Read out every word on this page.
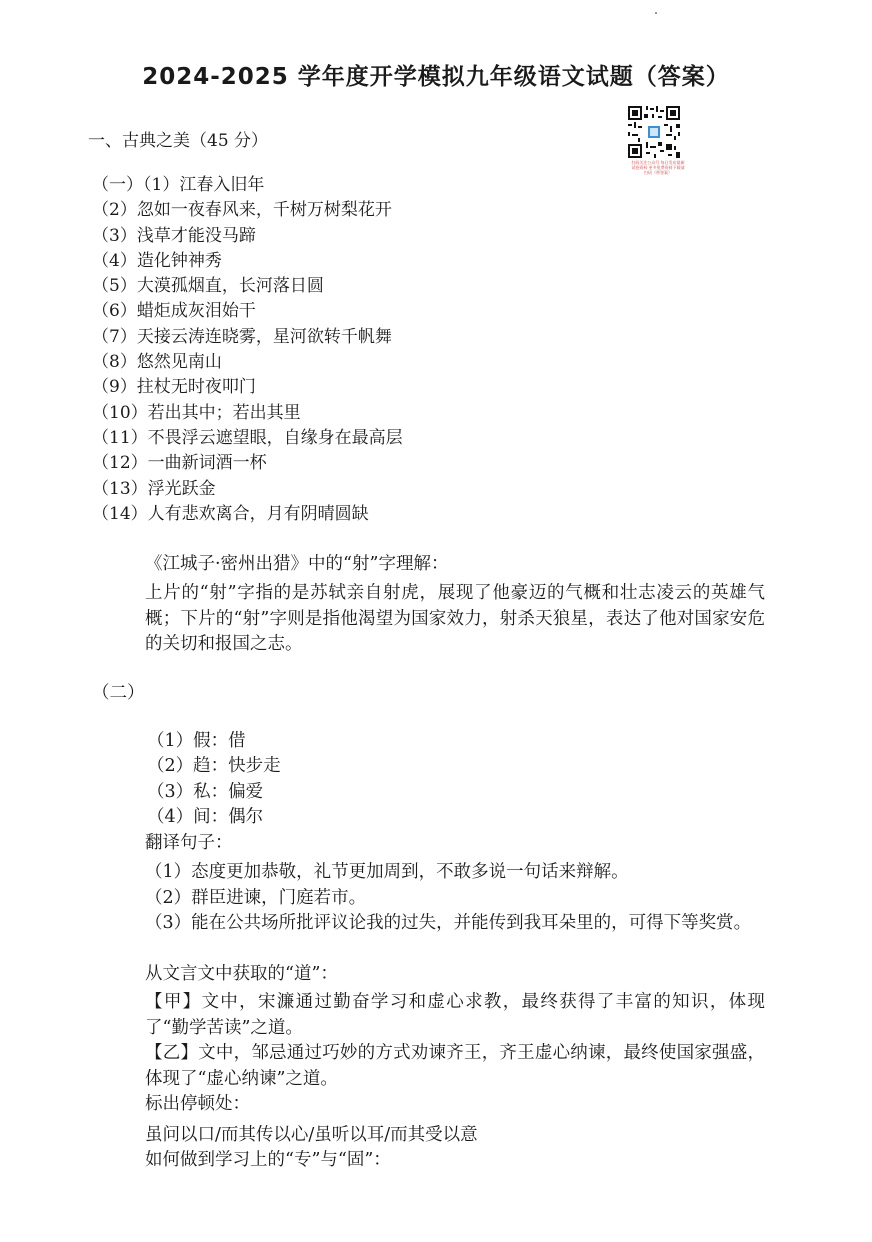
2024-2025 学年度开学模拟九年级语文试题（答案）
一、古典之美（45 分）
扫码关注公众号 每日发布最新试卷资料 更多免费资料下载请扫码（带答案）
（一）（1）江春入旧年
（2）忽如一夜春风来，千树万树梨花开
（3）浅草才能没马蹄
（4）造化钟神秀
（5）大漠孤烟直，长河落日圆
（6）蜡炬成灰泪始干
（7）天接云涛连晓雾，星河欲转千帆舞
（8）悠然见南山
（9）拄杖无时夜叩门
（10）若出其中；若出其里
（11）不畏浮云遮望眼，自缘身在最高层
（12）一曲新词酒一杯
（13）浮光跃金
（14）人有悲欢离合，月有阴晴圆缺
《江城子·密州出猎》中的“射”字理解：
上片的“射”字指的是苏轼亲自射虎，展现了他豪迈的气概和壮志凌云的英雄气概；下片的“射”字则是指他渴望为国家效力，射杀天狼星，表达了他对国家安危的关切和报国之志。
（二）
（1）假：借
（2）趋：快步走
（3）私：偏爱
（4）间：偶尔
翻译句子：
（1）态度更加恭敬，礼节更加周到，不敢多说一句话来辩解。
（2）群臣进谏，门庭若市。
（3）能在公共场所批评议论我的过失，并能传到我耳朵里的，可得下等奖赏。
从文言文中获取的“道”：
【甲】文中，宋濂通过勤奋学习和虚心求教，最终获得了丰富的知识，体现了“勤学苦读”之道。
【乙】文中，邹忌通过巧妙的方式劝谏齐王，齐王虚心纳谏，最终使国家强盛，体现了“虚心纳谏”之道。
标出停顿处：
虽问以口/而其传以心/虽听以耳/而其受以意
如何做到学习上的“专”与“固”：
